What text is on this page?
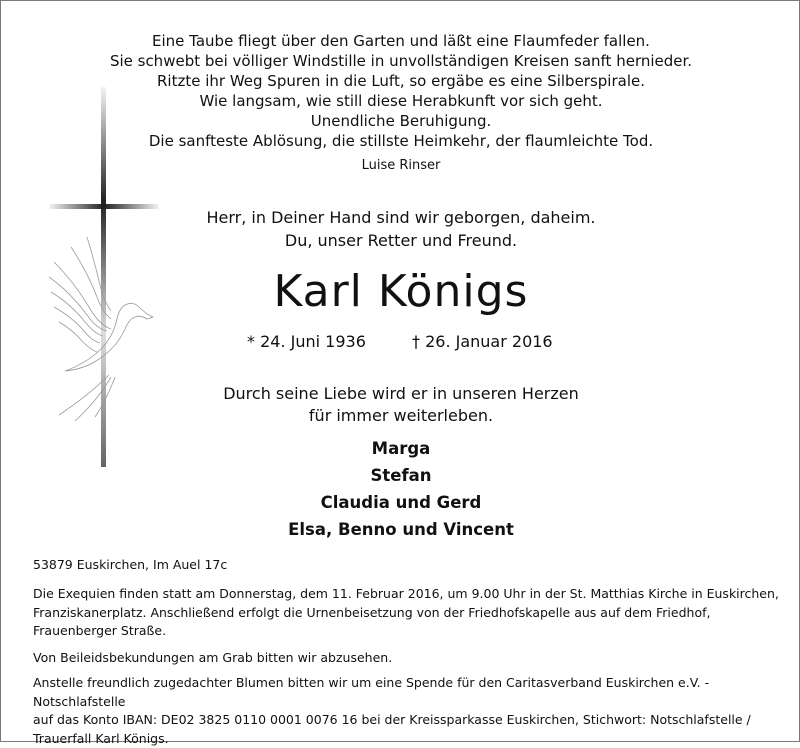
Eine Taube fliegt über den Garten und läßt eine Flaumfeder fallen.
Sie schwebt bei völliger Windstille in unvollständigen Kreisen sanft hernieder.
Ritzte ihr Weg Spuren in die Luft, so ergäbe es eine Silberspirale.
Wie langsam, wie still diese Herabkunft vor sich geht.
Unendliche Beruhigung.
Die sanfteste Ablösung, die stillste Heimkehr, der flaumleichte Tod.
Luise Rinser
Herr, in Deiner Hand sind wir geborgen, daheim.
Du, unser Retter und Freund.
Karl Königs
* 24. Juni 1936	† 26. Januar 2016
Durch seine Liebe wird er in unseren Herzen
für immer weiterleben.
Marga
Stefan
Claudia und Gerd
Elsa, Benno und Vincent
53879 Euskirchen, Im Auel 17c
Die Exequien finden statt am Donnerstag, dem 11. Februar 2016, um 9.00 Uhr in der St. Matthias Kirche in Euskirchen,
Franziskanerplatz. Anschließend erfolgt die Urnenbeisetzung von der Friedhofskapelle aus auf dem Friedhof,
Frauenberger Straße.
Von Beileidsbekundungen am Grab bitten wir abzusehen.
Anstelle freundlich zugedachter Blumen bitten wir um eine Spende für den Caritasverband Euskirchen e.V. - Notschlafstelle
auf das Konto IBAN: DE02 3825 0110 0001 0076 16 bei der Kreissparkasse Euskirchen, Stichwort: Notschlafstelle /
Trauerfall Karl Königs.
